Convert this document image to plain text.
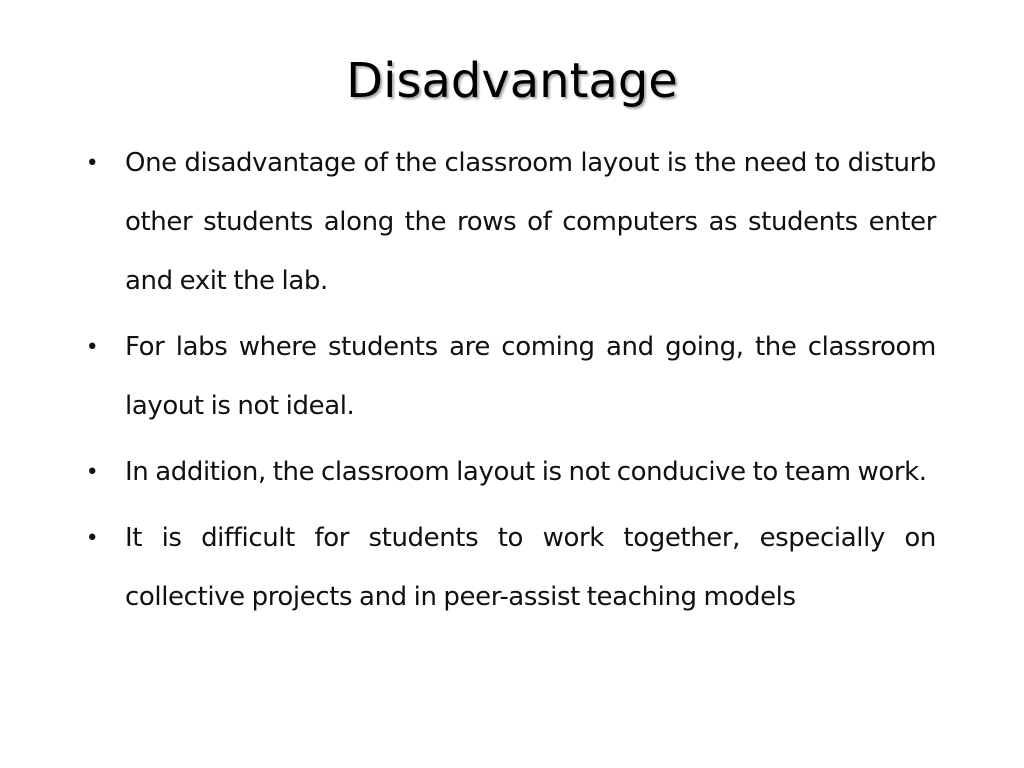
Disadvantage
• One disadvantage of the classroom layout is the need to disturb other students along the rows of computers as students enter and exit the lab.
• For labs where students are coming and going, the classroom layout is not ideal.
• In addition, the classroom layout is not conducive to team work.
• It is difficult for students to work together, especially on collective projects and in peer-assist teaching models
